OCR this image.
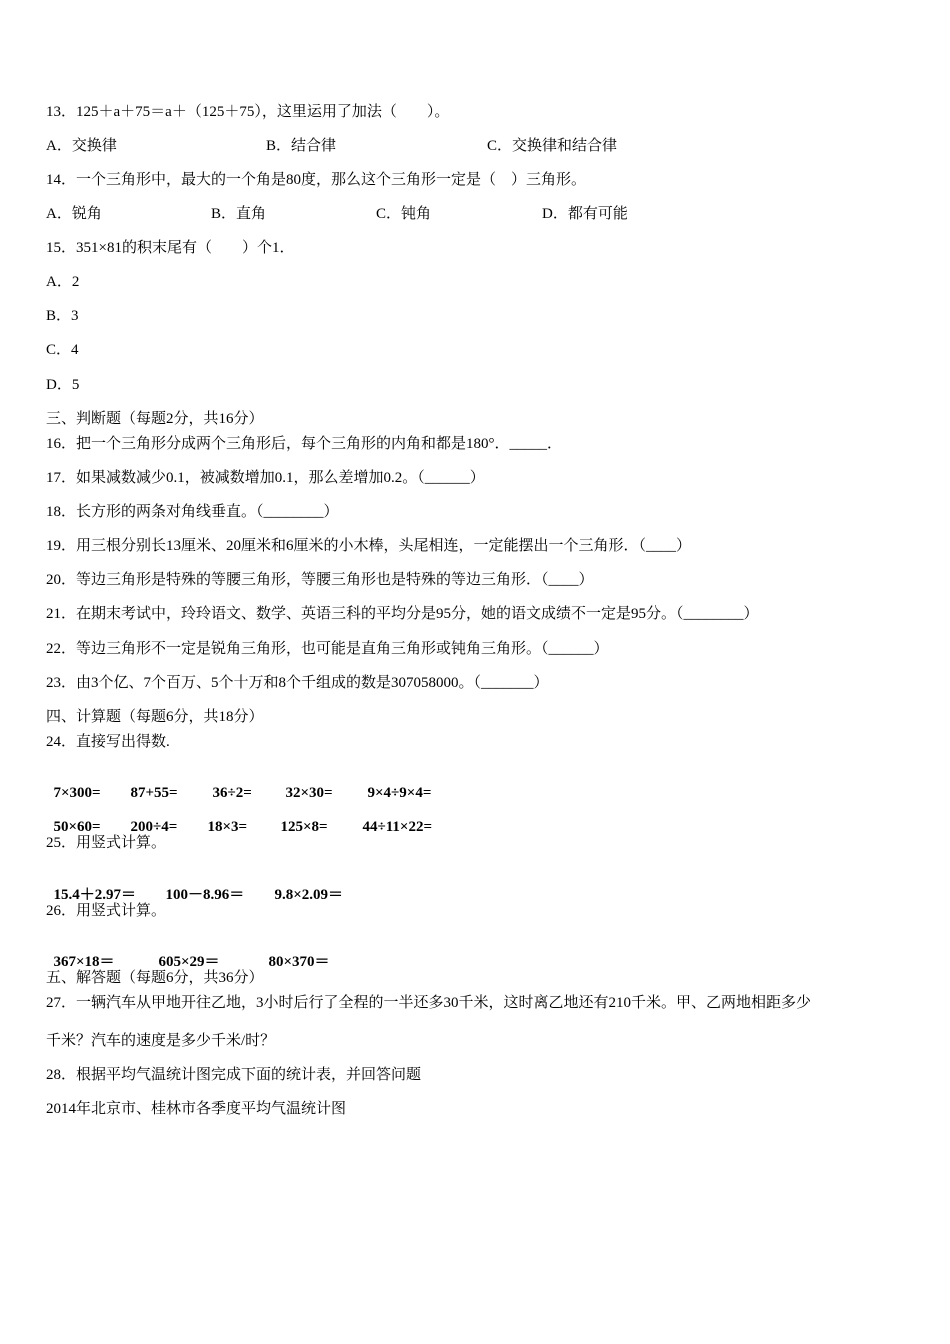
13．125＋a＋75＝a＋（125＋75），这里运用了加法（　　）。
A．交换律	B．结合律	C．交换律和结合律
14．一个三角形中，最大的一个角是80度，那么这个三角形一定是（　）三角形。
A．锐角	B．直角	C．钝角	D．都有可能
15．351×81的积末尾有（　　）个1．
A．2
B．3
C．4
D．5
三、判断题（每题2分，共16分）
16．把一个三角形分成两个三角形后，每个三角形的内角和都是180°．_____．
17．如果减数减少0.1，被减数增加0.1，那么差增加0.2。（______）
18．长方形的两条对角线垂直。（________）
19．用三根分别长13厘米、20厘米和6厘米的小木棒，头尾相连，一定能摆出一个三角形．（____）
20．等边三角形是特殊的等腰三角形，等腰三角形也是特殊的等边三角形．（____）
21．在期末考试中，玲玲语文、数学、英语三科的平均分是95分，她的语文成绩不一定是95分。（________）
22．等边三角形不一定是锐角三角形，也可能是直角三角形或钝角三角形。（______）
23．由3个亿、7个百万、5个十万和8个千组成的数是307058000。（_______）
四、计算题（每题6分，共18分）
24．直接写出得数.

7×300= 87+55= 36÷2= 32×30= 9×4÷9×4=

50×60= 200÷4= 18×3= 125×8= 44÷11×22=

25．用竖式计算。

15.4＋2.97＝ 100－8.96＝ 9.8×2.09＝

26．用竖式计算。

367×18＝	605×29＝	80×370＝

五、解答题（每题6分，共36分）
27．一辆汽车从甲地开往乙地，3小时后行了全程的一半还多30千米，这时离乙地还有210千米。甲、乙两地相距多少
千米？汽车的速度是多少千米/时？
28．根据平均气温统计图完成下面的统计表，并回答问题
2014年北京市、桂林市各季度平均气温统计图
